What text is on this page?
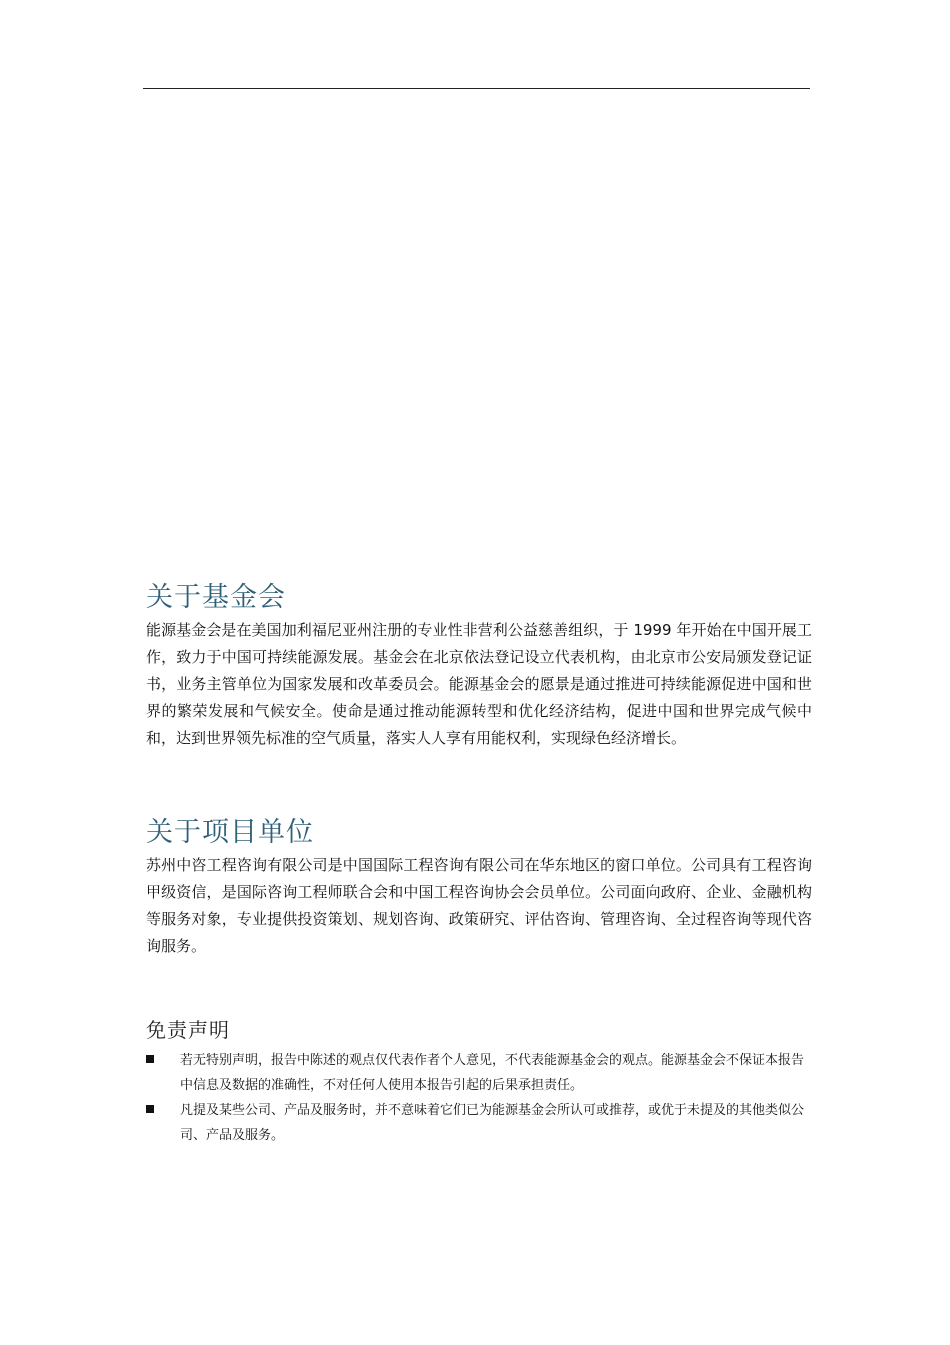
关于基金会

能源基金会是在美国加利福尼亚州注册的专业性非营利公益慈善组织，于 1999 年开始在中国开展工作，致力于中国可持续能源发展。基金会在北京依法登记设立代表机构，由北京市公安局颁发登记证书，业务主管单位为国家发展和改革委员会。能源基金会的愿景是通过推进可持续能源促进中国和世界的繁荣发展和气候安全。使命是通过推动能源转型和优化经济结构，促进中国和世界完成气候中和，达到世界领先标准的空气质量，落实人人享有用能权利，实现绿色经济增长。

关于项目单位

苏州中咨工程咨询有限公司是中国国际工程咨询有限公司在华东地区的窗口单位。公司具有工程咨询甲级资信，是国际咨询工程师联合会和中国工程咨询协会会员单位。公司面向政府、企业、金融机构等服务对象，专业提供投资策划、规划咨询、政策研究、评估咨询、管理咨询、全过程咨询等现代咨询服务。

免责声明
若无特别声明，报告中陈述的观点仅代表作者个人意见，不代表能源基金会的观点。能源基金会不保证本报告中信息及数据的准确性，不对任何人使用本报告引起的后果承担责任。
凡提及某些公司、产品及服务时，并不意味着它们已为能源基金会所认可或推荐，或优于未提及的其他类似公司、产品及服务。
